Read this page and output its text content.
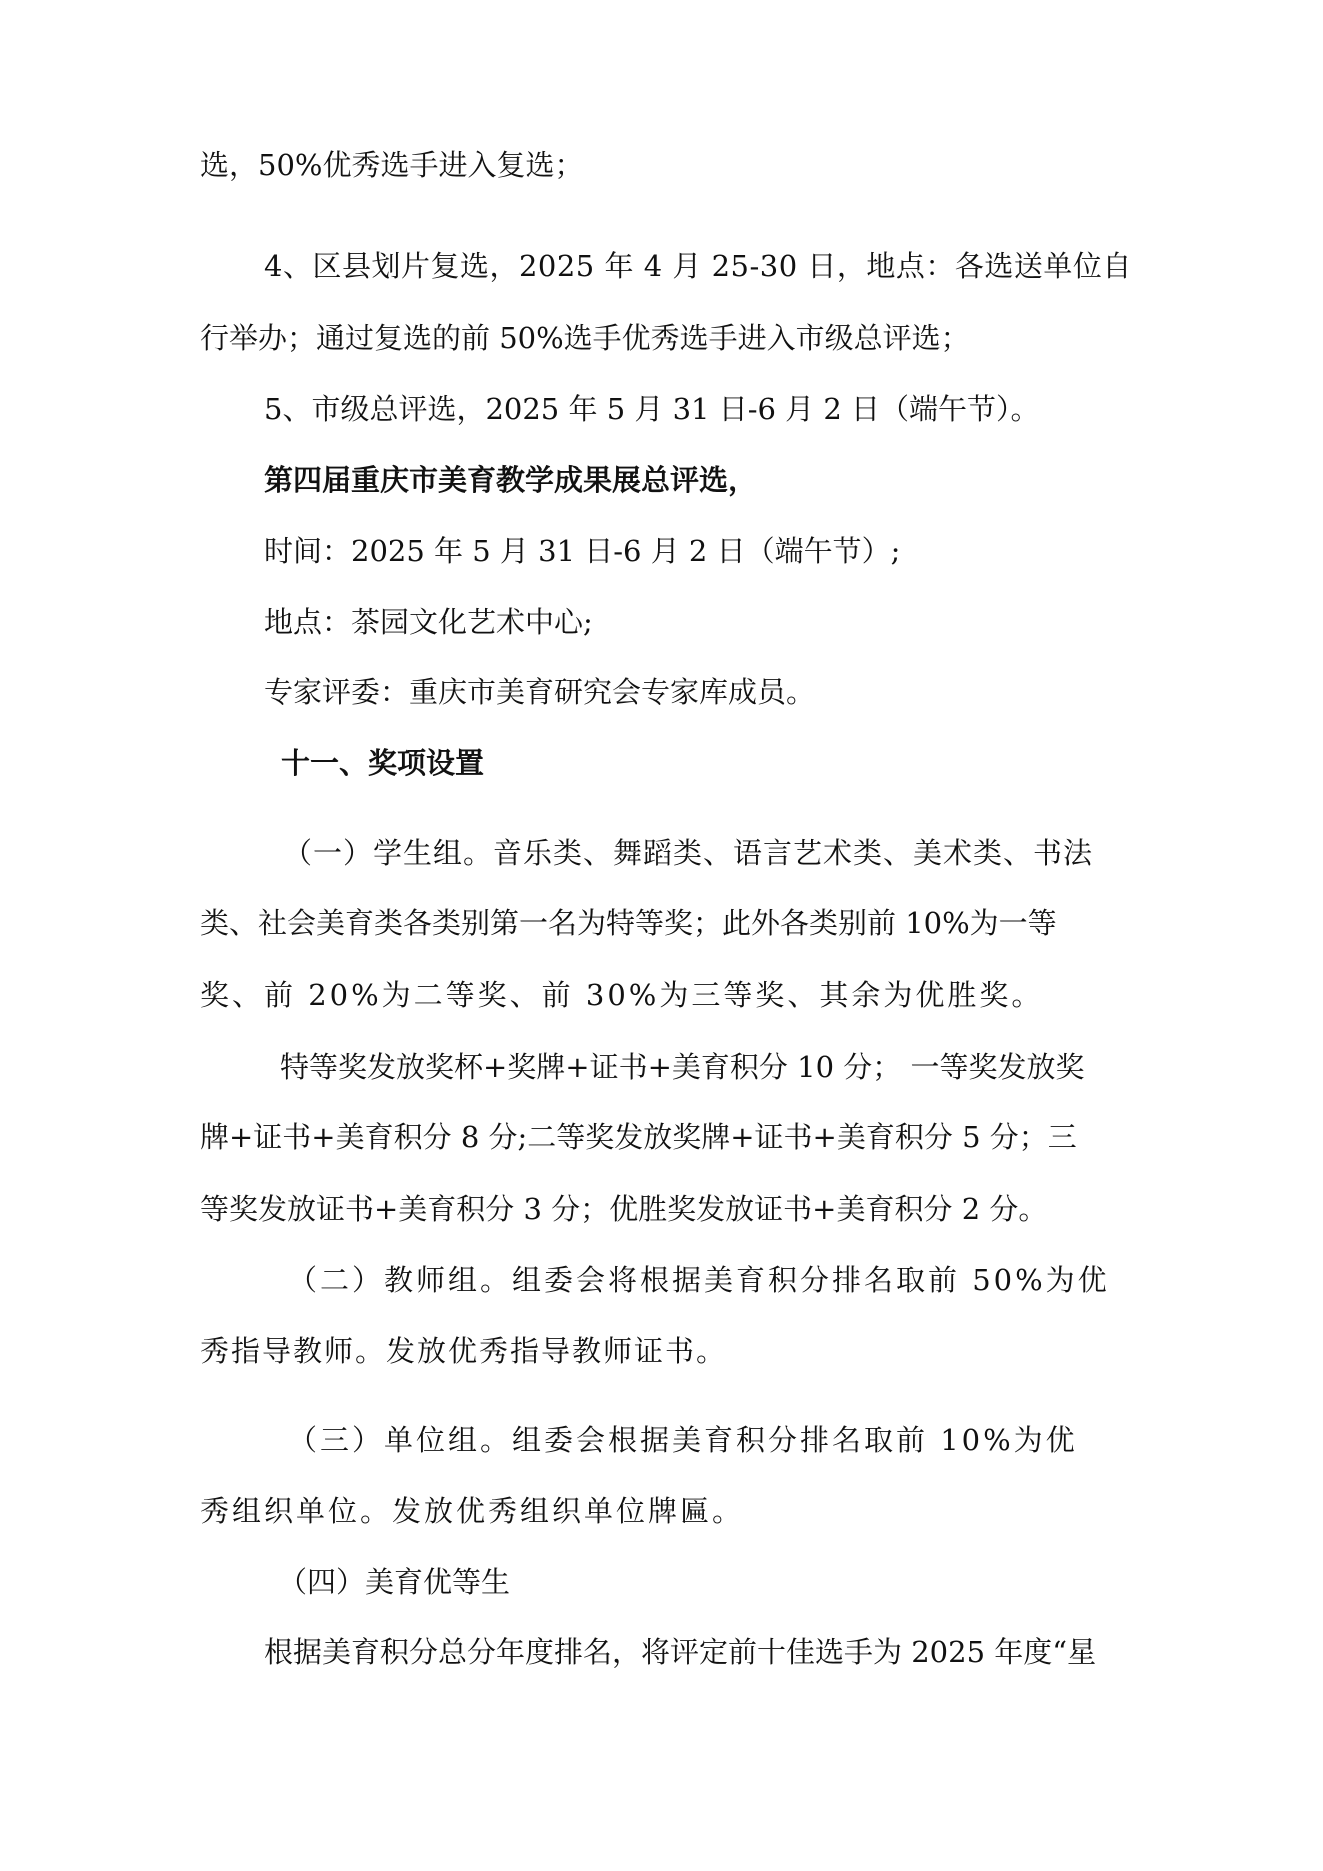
选，50%优秀选手进入复选；
4、区县划片复选，2025 年 4 月 25-30 日，地点：各选送单位自
行举办；通过复选的前 50%选手优秀选手进入市级总评选；
5、市级总评选，2025 年 5 月 31 日-6 月 2 日（端午节）。
第四届重庆市美育教学成果展总评选，
时间：2025 年 5 月 31 日-6 月 2 日（端午节）;
地点：茶园文化艺术中心;
专家评委：重庆市美育研究会专家库成员。
十一、奖项设置
（一）学生组。音乐类、舞蹈类、语言艺术类、美术类、书法
类、社会美育类各类别第一名为特等奖；此外各类别前 10%为一等
奖、前 20%为二等奖、前 30%为三等奖、其余为优胜奖。
特等奖发放奖杯+奖牌+证书+美育积分 10 分； 一等奖发放奖
牌+证书+美育积分 8 分;二等奖发放奖牌+证书+美育积分 5 分；三
等奖发放证书+美育积分 3 分；优胜奖发放证书+美育积分 2 分。
（二）教师组。组委会将根据美育积分排名取前 50%为优
秀指导教师。发放优秀指导教师证书。
（三）单位组。组委会根据美育积分排名取前 10%为优
秀组织单位。发放优秀组织单位牌匾。
（四）美育优等生
根据美育积分总分年度排名，将评定前十佳选手为 2025 年度“星
